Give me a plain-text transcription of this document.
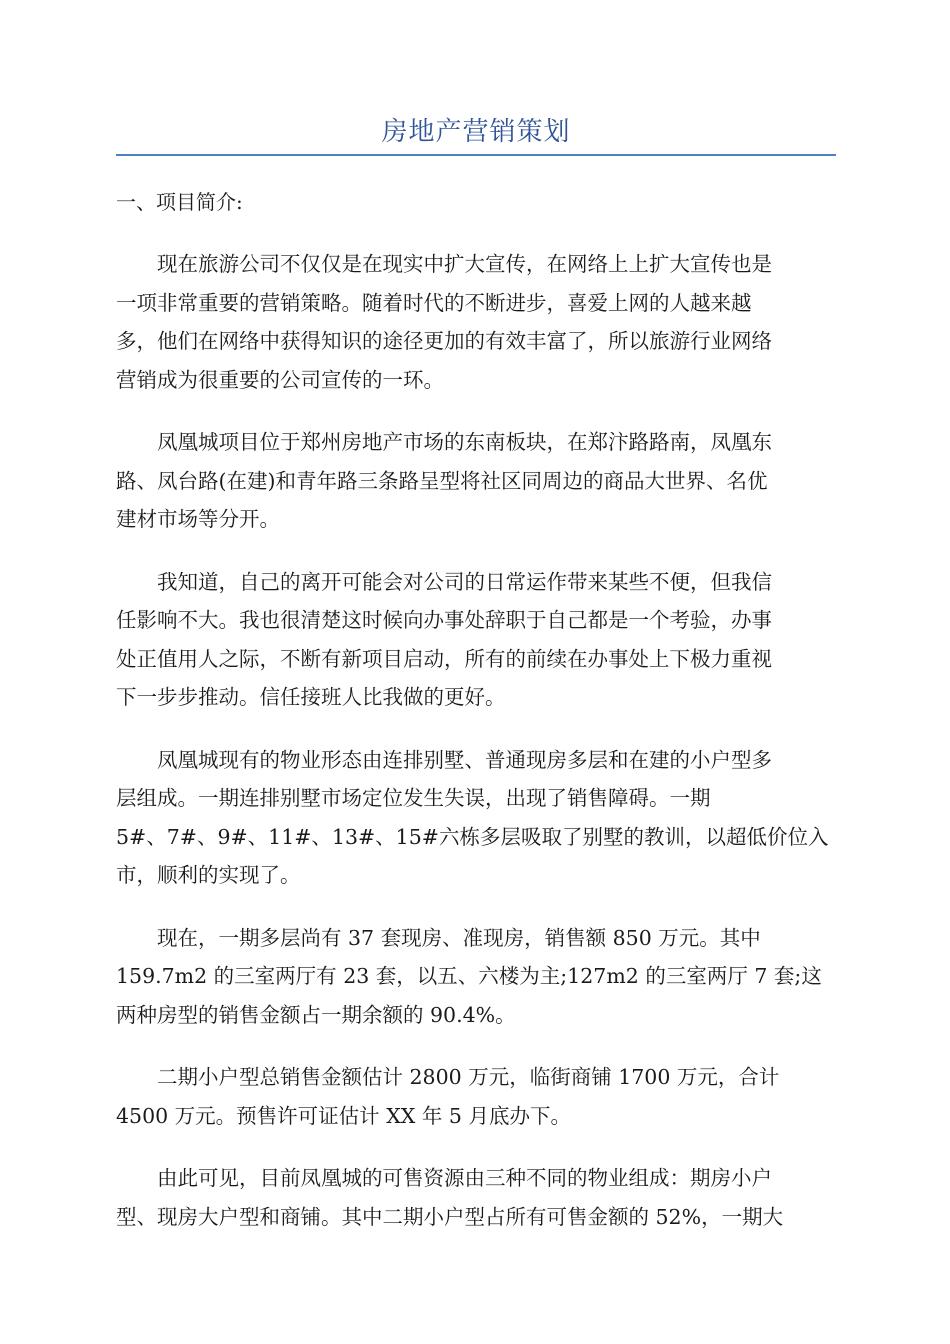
房地产营销策划

一、项目简介:

现在旅游公司不仅仅是在现实中扩大宣传，在网络上上扩大宣传也是
一项非常重要的营销策略。随着时代的不断进步，喜爱上网的人越来越
多，他们在网络中获得知识的途径更加的有效丰富了，所以旅游行业网络
营销成为很重要的公司宣传的一环。

凤凰城项目位于郑州房地产市场的东南板块，在郑汴路路南，凤凰东
路、凤台路(在建)和青年路三条路呈型将社区同周边的商品大世界、名优
建材市场等分开。

我知道，自己的离开可能会对公司的日常运作带来某些不便，但我信
任影响不大。我也很清楚这时候向办事处辞职于自己都是一个考验，办事
处正值用人之际，不断有新项目启动，所有的前续在办事处上下极力重视
下一步步推动。信任接班人比我做的更好。

凤凰城现有的物业形态由连排别墅、普通现房多层和在建的小户型多
层组成。一期连排别墅市场定位发生失误，出现了销售障碍。一期
5#、7#、9#、11#、13#、15#六栋多层吸取了别墅的教训，以超低价位入
市，顺利的实现了。

现在，一期多层尚有 37 套现房、准现房，销售额 850 万元。其中
159.7m2 的三室两厅有 23 套，以五、六楼为主;127m2 的三室两厅 7 套;这
两种房型的销售金额占一期余额的 90.4%。

二期小户型总销售金额估计 2800 万元，临街商铺 1700 万元，合计
4500 万元。预售许可证估计 XX 年 5 月底办下。

由此可见，目前凤凰城的可售资源由三种不同的物业组成：期房小户
型、现房大户型和商铺。其中二期小户型占所有可售金额的 52%，一期大
